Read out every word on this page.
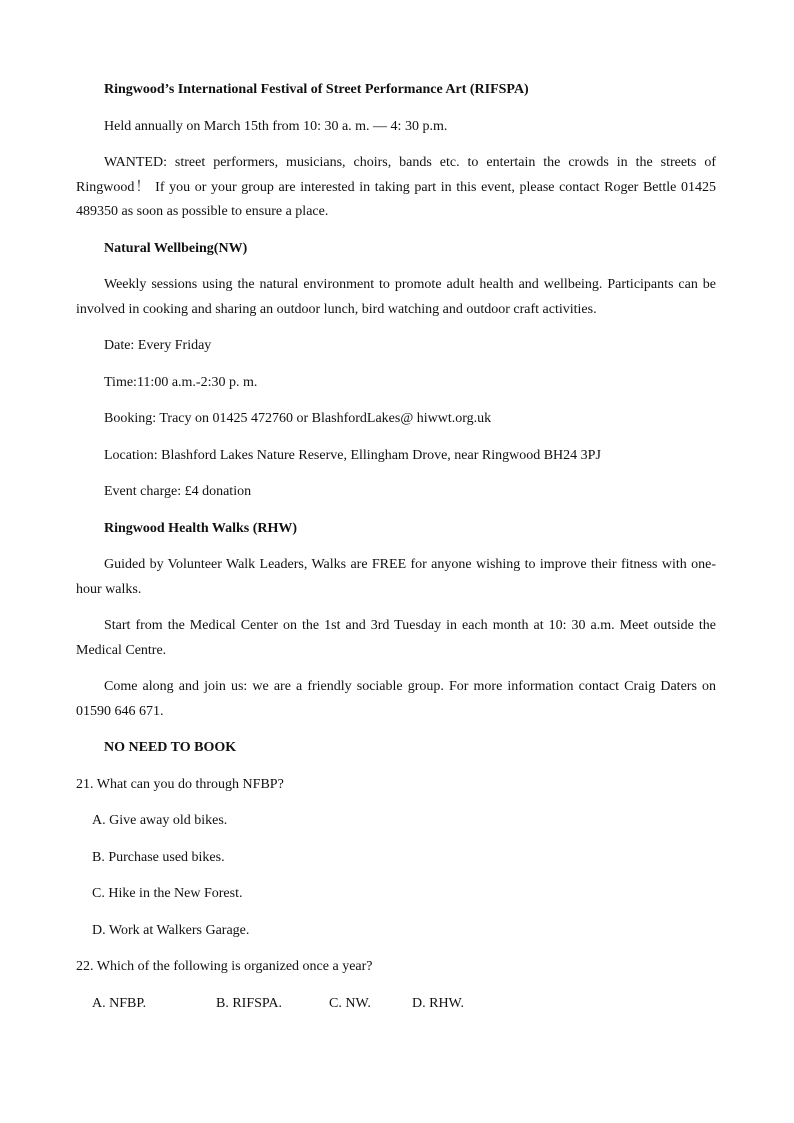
Ringwood’s International Festival of Street Performance Art (RIFSPA)

Held annually on March 15th from 10: 30 a. m. — 4: 30 p.m.

WANTED: street performers, musicians, choirs, bands etc. to entertain the crowds in the streets of Ringwood！ If you or your group are interested in taking part in this event, please contact Roger Bettle 01425 489350 as soon as possible to ensure a place.

Natural Wellbeing(NW)

Weekly sessions using the natural environment to promote adult health and wellbeing. Participants can be involved in cooking and sharing an outdoor lunch, bird watching and outdoor craft activities.

Date: Every Friday

Time:11:00 a.m.-2:30 p. m.

Booking: Tracy on 01425 472760 or BlashfordLakes@ hiwwt.org.uk

Location: Blashford Lakes Nature Reserve, Ellingham Drove, near Ringwood BH24 3PJ

Event charge: £4 donation

Ringwood Health Walks (RHW)

Guided by Volunteer Walk Leaders, Walks are FREE for anyone wishing to improve their fitness with one-hour walks.

Start from the Medical Center on the 1st and 3rd Tuesday in each month at 10: 30 a.m. Meet outside the Medical Centre.

Come along and join us: we are a friendly sociable group. For more information contact Craig Daters on 01590 646 671.

NO NEED TO BOOK

21. What can you do through NFBP?

A. Give away old bikes.

B. Purchase used bikes.

C. Hike in the New Forest.

D. Work at Walkers Garage.

22. Which of the following is organized once a year?

A. NFBP.	B. RIFSPA.	C. NW.	D. RHW.
